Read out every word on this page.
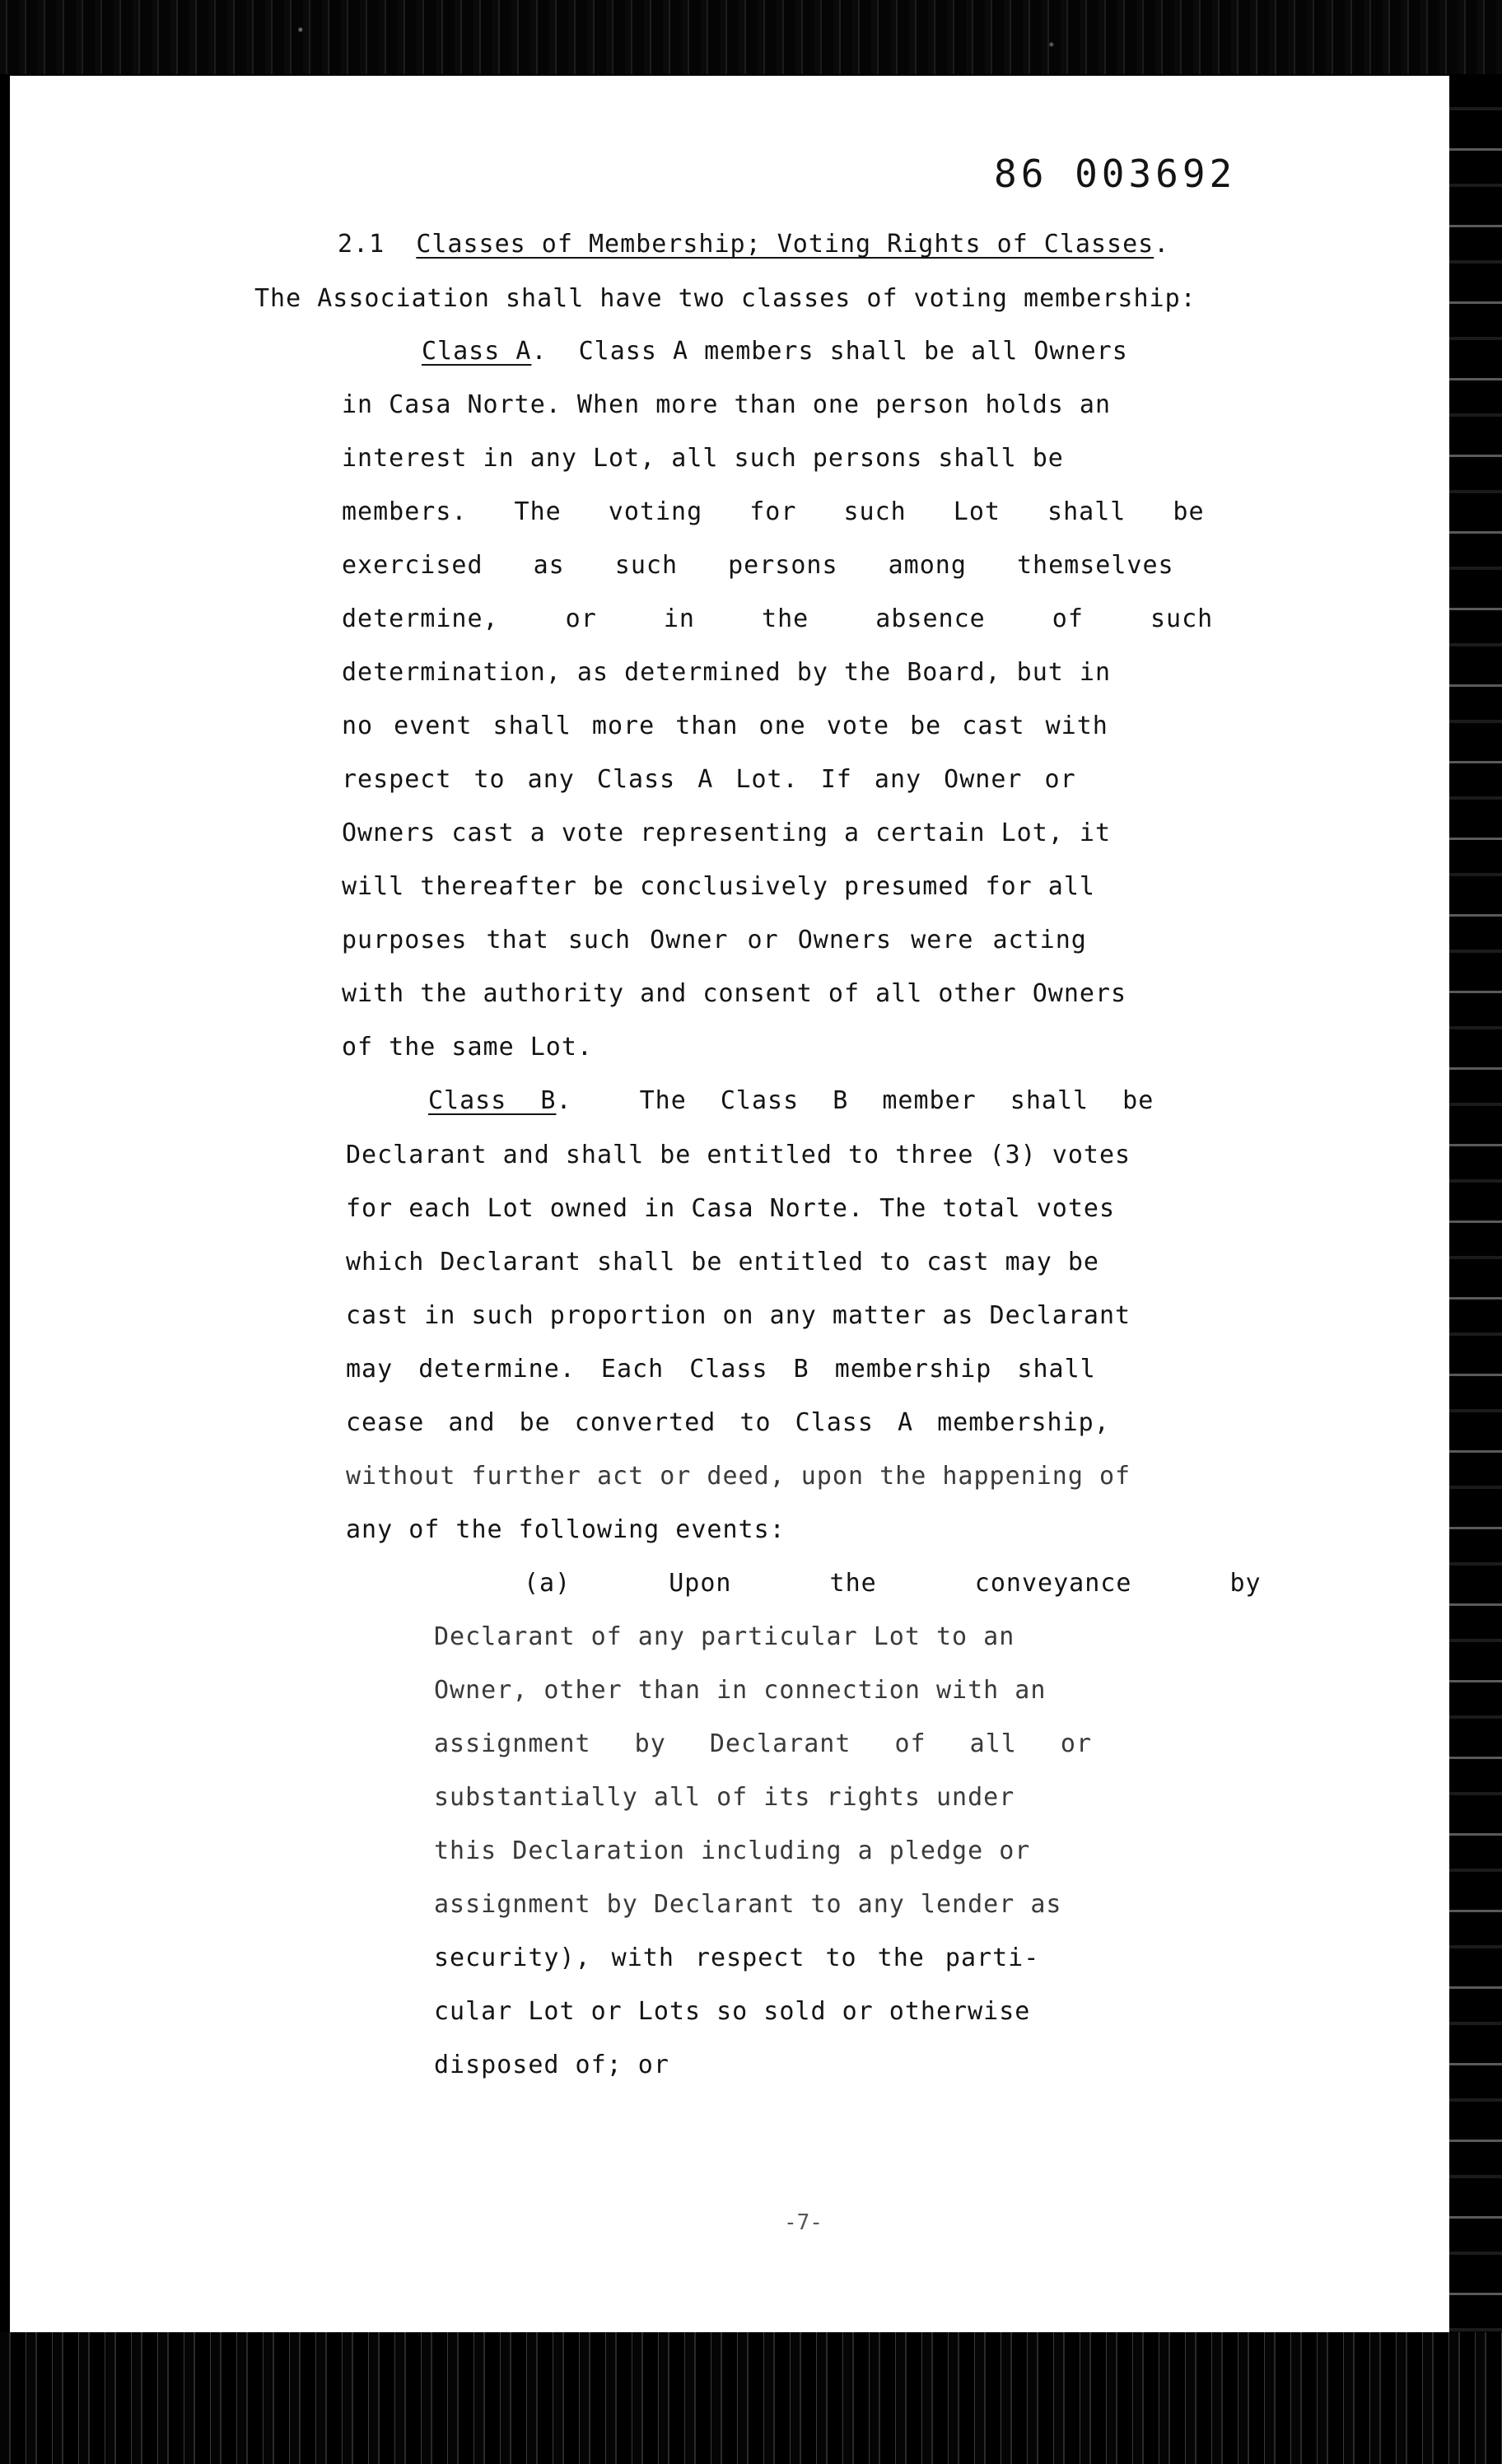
86 003692
2.1 Classes of Membership; Voting Rights of Classes.
The Association shall have two classes of voting membership:
Class A.  Class A members shall be all Owners
in Casa Norte. When more than one person holds an
interest in any Lot, all such persons shall be
members. The voting for such Lot shall be
exercised as such persons among themselves
determine, or in the absence of such
determination, as determined by the Board, but in
no event shall more than one vote be cast with
respect to any Class A Lot. If any Owner or
Owners cast a vote representing a certain Lot, it
will thereafter be conclusively presumed for all
purposes that such Owner or Owners were acting
with the authority and consent of all other Owners
of the same Lot.
Class B.  The Class B member shall be
Declarant and shall be entitled to three (3) votes
for each Lot owned in Casa Norte. The total votes
which Declarant shall be entitled to cast may be
cast in such proportion on any matter as Declarant
may determine. Each Class B membership shall
cease and be converted to Class A membership,
without further act or deed, upon the happening of
any of the following events:
(a)	Upon the conveyance by
Declarant of any particular Lot to an
Owner, other than in connection with an
assignment by Declarant of all or
substantially all of its rights under
this Declaration including a pledge or
assignment by Declarant to any lender as
security), with respect to the parti-
cular Lot or Lots so sold or otherwise
disposed of; or
-7-
